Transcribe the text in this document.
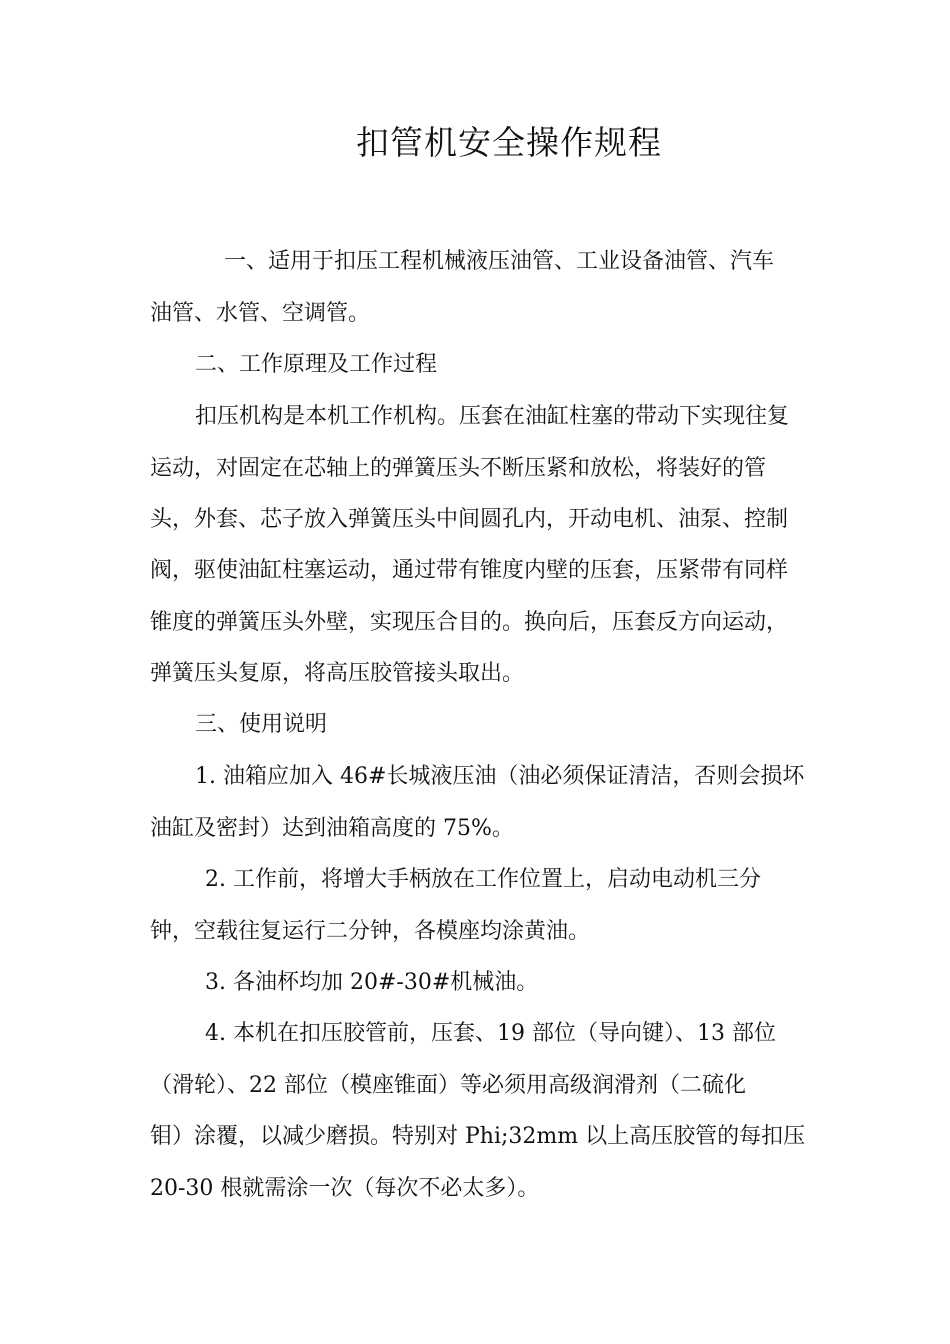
扣管机安全操作规程
一、适用于扣压工程机械液压油管、工业设备油管、汽车
油管、水管、空调管。
二、工作原理及工作过程
扣压机构是本机工作机构。压套在油缸柱塞的带动下实现往复
运动，对固定在芯轴上的弹簧压头不断压紧和放松，将装好的管
头，外套、芯子放入弹簧压头中间圆孔内，开动电机、油泵、控制
阀，驱使油缸柱塞运动，通过带有锥度内壁的压套，压紧带有同样
锥度的弹簧压头外壁，实现压合目的。换向后，压套反方向运动，
弹簧压头复原，将高压胶管接头取出。
三、使用说明
1. 油箱应加入 46#长城液压油（油必须保证清洁，否则会损坏
油缸及密封）达到油箱高度的 75%。
2. 工作前，将增大手柄放在工作位置上，启动电动机三分
钟，空载往复运行二分钟，各模座均涂黄油。
3. 各油杯均加 20#-30#机械油。
4. 本机在扣压胶管前，压套、19 部位（导向键）、13 部位
（滑轮）、22 部位（模座锥面）等必须用高级润滑剂（二硫化
钼）涂覆，以减少磨损。特别对 Phi;32mm 以上高压胶管的每扣压
20-30 根就需涂一次（每次不必太多）。
